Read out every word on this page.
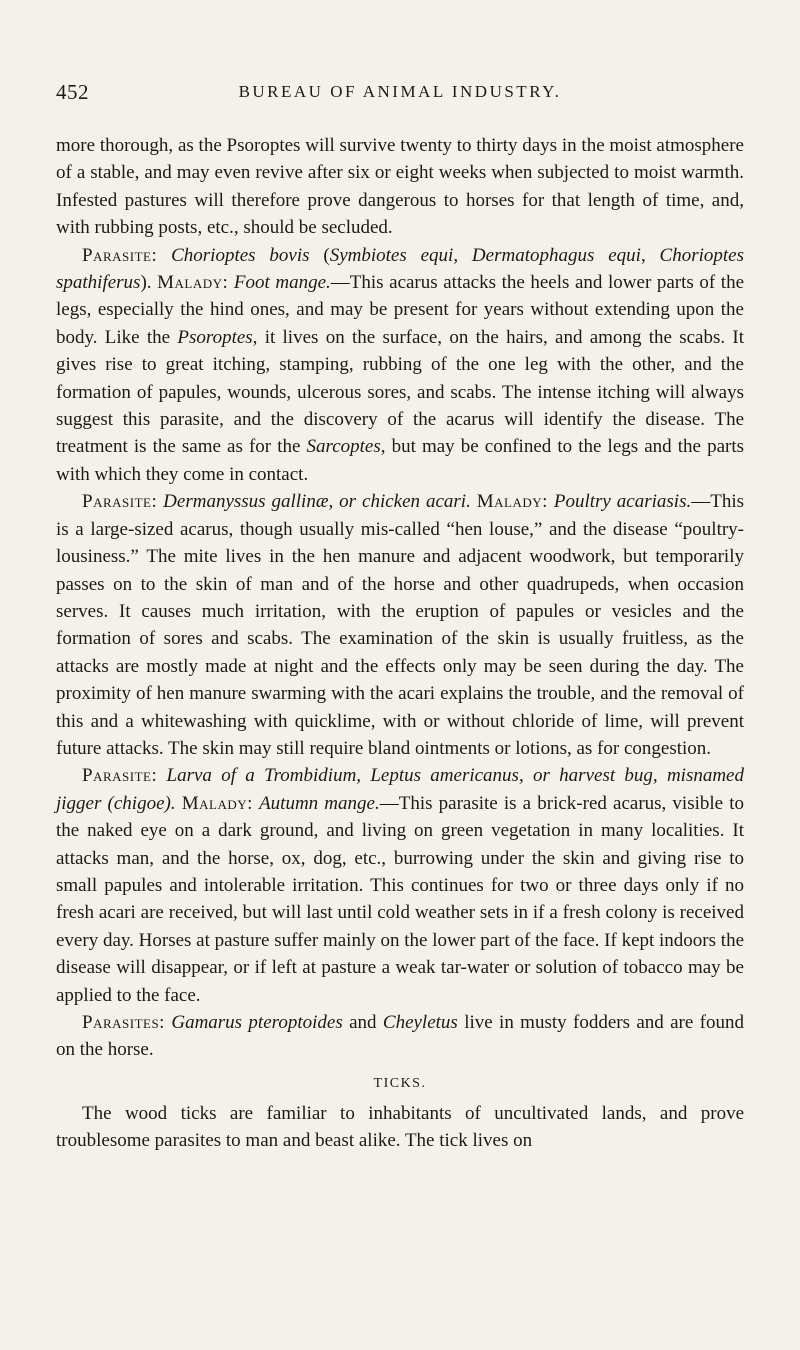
452	BUREAU OF ANIMAL INDUSTRY.

more thorough, as the Psoroptes will survive twenty to thirty days in the moist atmosphere of a stable, and may even revive after six or eight weeks when subjected to moist warmth. Infested pastures will therefore prove dangerous to horses for that length of time, and, with rubbing posts, etc., should be secluded.

Parasite: Chorioptes bovis (Symbiotes equi, Dermatophagus equi, Chorioptes spathiferus). Malady: Foot mange.—This acarus attacks the heels and lower parts of the legs, especially the hind ones, and may be present for years without extending upon the body. Like the Psoroptes, it lives on the surface, on the hairs, and among the scabs. It gives rise to great itching, stamping, rubbing of the one leg with the other, and the formation of papules, wounds, ulcerous sores, and scabs. The intense itching will always suggest this parasite, and the discovery of the acarus will identify the disease. The treatment is the same as for the Sarcoptes, but may be confined to the legs and the parts with which they come in contact.

Parasite: Dermanyssus gallinæ, or chicken acari. Malady: Poultry acariasis.—This is a large-sized acarus, though usually mis-called “hen louse,” and the disease “poultry-lousiness.” The mite lives in the hen manure and adjacent woodwork, but temporarily passes on to the skin of man and of the horse and other quadrupeds, when occasion serves. It causes much irritation, with the eruption of papules or vesicles and the formation of sores and scabs. The examination of the skin is usually fruitless, as the attacks are mostly made at night and the effects only may be seen during the day. The proximity of hen manure swarming with the acari explains the trouble, and the removal of this and a whitewashing with quicklime, with or without chloride of lime, will prevent future attacks. The skin may still require bland ointments or lotions, as for congestion.

Parasite: Larva of a Trombidium, Leptus americanus, or harvest bug, misnamed jigger (chigoe). Malady: Autumn mange.—This parasite is a brick-red acarus, visible to the naked eye on a dark ground, and living on green vegetation in many localities. It attacks man, and the horse, ox, dog, etc., burrowing under the skin and giving rise to small papules and intolerable irritation. This continues for two or three days only if no fresh acari are received, but will last until cold weather sets in if a fresh colony is received every day. Horses at pasture suffer mainly on the lower part of the face. If kept indoors the disease will disappear, or if left at pasture a weak tar-water or solution of tobacco may be applied to the face.

Parasites: Gamarus pteroptoides and Cheyletus live in musty fodders and are found on the horse.

TICKS.

The wood ticks are familiar to inhabitants of uncultivated lands, and prove troublesome parasites to man and beast alike. The tick lives on
